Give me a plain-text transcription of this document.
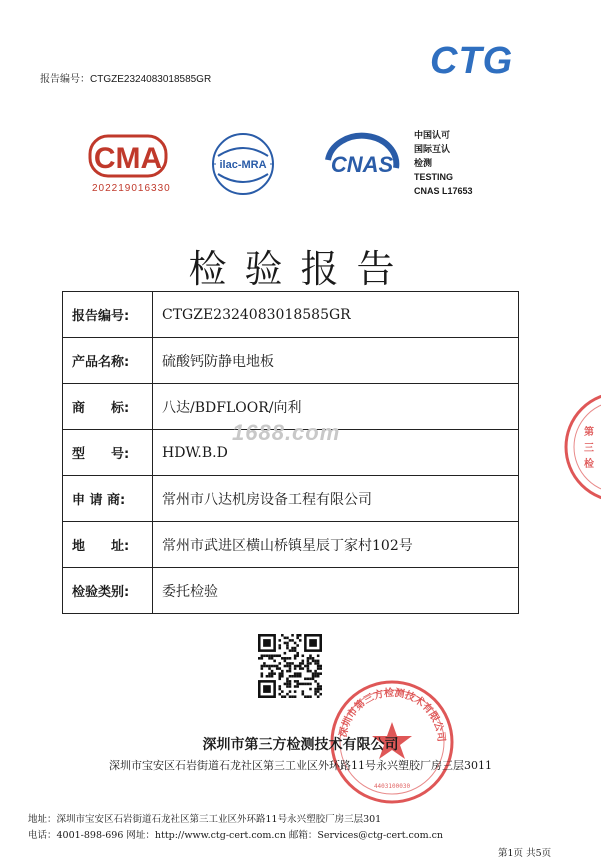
报告编号：CTGZE2324083018585GR	CTG
CMA
202219016330
ilac-MRA	CNAS
中国认可
国际互认
检测
TESTING
CNAS L17653
检验报告
报告编号:	CTGZE2324083018585GR
产品名称:	硫酸钙防静电地板
商　　标:	八达/BDFLOOR/向利
型　　号:	HDW.B.D
申 请 商:	常州市八达机房设备工程有限公司
地　　址:	常州市武进区横山桥镇星辰丁家村102号
检验类别:	委托检验
1688.com
深圳市第三方检测技术有限公司
4403100030
第
三
检
深圳市第三方检测技术有限公司
深圳市宝安区石岩街道石龙社区第三工业区外环路11号永兴塑胶厂房三层3011
地址：深圳市宝安区石岩街道石龙社区第三工业区外环路11号永兴塑胶厂房三层301
电话：4001-898-696 网址：http://www.ctg-cert.com.cn 邮箱：Services@ctg-cert.com.cn
第1页 共5页
